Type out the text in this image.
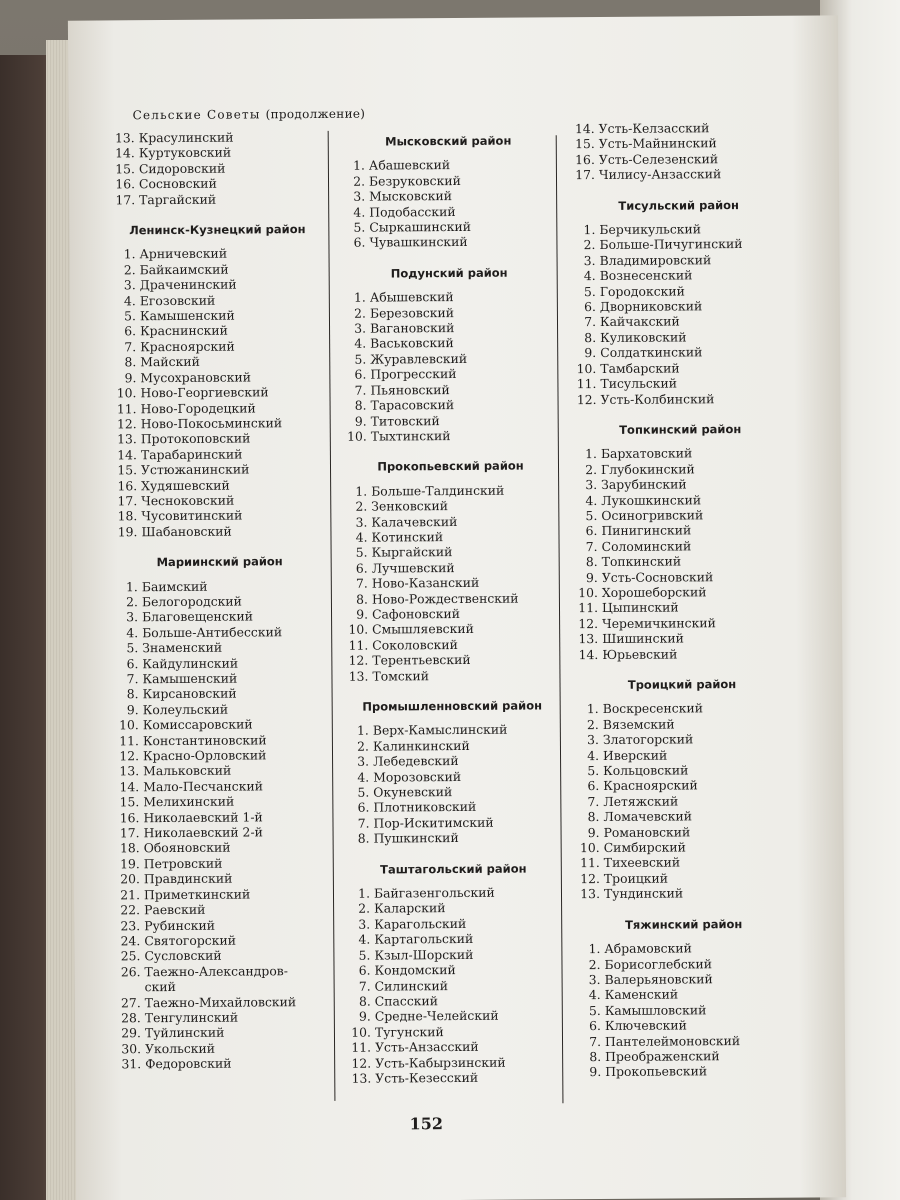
Сельские Советы (продолжение)
13. Красулинский
14. Куртуковский
15. Сидоровский
16. Сосновский
17. Таргайский
Ленинск-Кузнецкий район
1. Арничевский
2. Байкаимский
3. Драченинский
4. Егозовский
5. Камышенский
6. Краснинский
7. Красноярский
8. Майский
9. Мусохрановский
10. Ново-Георгиевский
11. Ново-Городецкий
12. Ново-Покосьминский
13. Протокоповский
14. Тарабаринский
15. Устюжанинский
16. Худяшевский
17. Чесноковский
18. Чусовитинский
19. Шабановский
Мариинский район
1. Баимский
2. Белогородский
3. Благовещенский
4. Больше-Антибесский
5. Знаменский
6. Кайдулинский
7. Камышенский
8. Кирсановский
9. Колеульский
10. Комиссаровский
11. Константиновский
12. Красно-Орловский
13. Мальковский
14. Мало-Песчанский
15. Мелихинский
16. Николаевский 1-й
17. Николаевский 2-й
18. Обояновский
19. Петровский
20. Правдинский
21. Приметкинский
22. Раевский
23. Рубинский
24. Святогорский
25. Сусловский
26. Таежно-Александров-
ский
27. Таежно-Михайловский
28. Тенгулинский
29. Туйлинский
30. Укольский
31. Федоровский
Мысковский район
1. Абашевский
2. Безруковский
3. Мысковский
4. Подобасский
5. Сыркашинский
6. Чувашкинский
Подунский район
1. Абышевский
2. Березовский
3. Вагановский
4. Васьковский
5. Журавлевский
6. Прогресский
7. Пьяновский
8. Тарасовский
9. Титовский
10. Тыхтинский
Прокопьевский район
1. Больше-Талдинский
2. Зенковский
3. Калачевский
4. Котинский
5. Кыргайский
6. Лучшевский
7. Ново-Казанский
8. Ново-Рождественский
9. Сафоновский
10. Смышляевский
11. Соколовский
12. Терентьевский
13. Томский
Промышленновский район
1. Верх-Камыслинский
2. Калинкинский
3. Лебедевский
4. Морозовский
5. Окуневский
6. Плотниковский
7. Пор-Искитимский
8. Пушкинский
Таштагольский район
1. Байгазенгольский
2. Каларский
3. Карагольский
4. Картагольский
5. Кзыл-Шорский
6. Кондомский
7. Силинский
8. Спасский
9. Средне-Челейский
10. Тугунский
11. Усть-Анзасский
12. Усть-Кабырзинский
13. Усть-Кезесский
14. Усть-Келзасский
15. Усть-Майнинский
16. Усть-Селезенский
17. Чилису-Анзасский
Тисульский район
1. Берчикульский
2. Больше-Пичугинский
3. Владимировский
4. Вознесенский
5. Городокский
6. Дворниковский
7. Кайчакский
8. Куликовский
9. Солдаткинский
10. Тамбарский
11. Тисульский
12. Усть-Колбинский
Топкинский район
1. Бархатовский
2. Глубокинский
3. Зарубинский
4. Лукошкинский
5. Осиногривский
6. Пинигинский
7. Соломинский
8. Топкинский
9. Усть-Сосновский
10. Хорошеборский
11. Цыпинский
12. Черемичкинский
13. Шишинский
14. Юрьевский
Троицкий район
1. Воскресенский
2. Вяземский
3. Златогорский
4. Иверский
5. Кольцовский
6. Красноярский
7. Летяжский
8. Ломачевский
9. Романовский
10. Симбирский
11. Тихеевский
12. Троицкий
13. Тундинский
Тяжинский район
1. Абрамовский
2. Борисоглебский
3. Валерьяновский
4. Каменский
5. Камышловский
6. Ключевский
7. Пантелеймоновский
8. Преображенский
9. Прокопьевский
152
